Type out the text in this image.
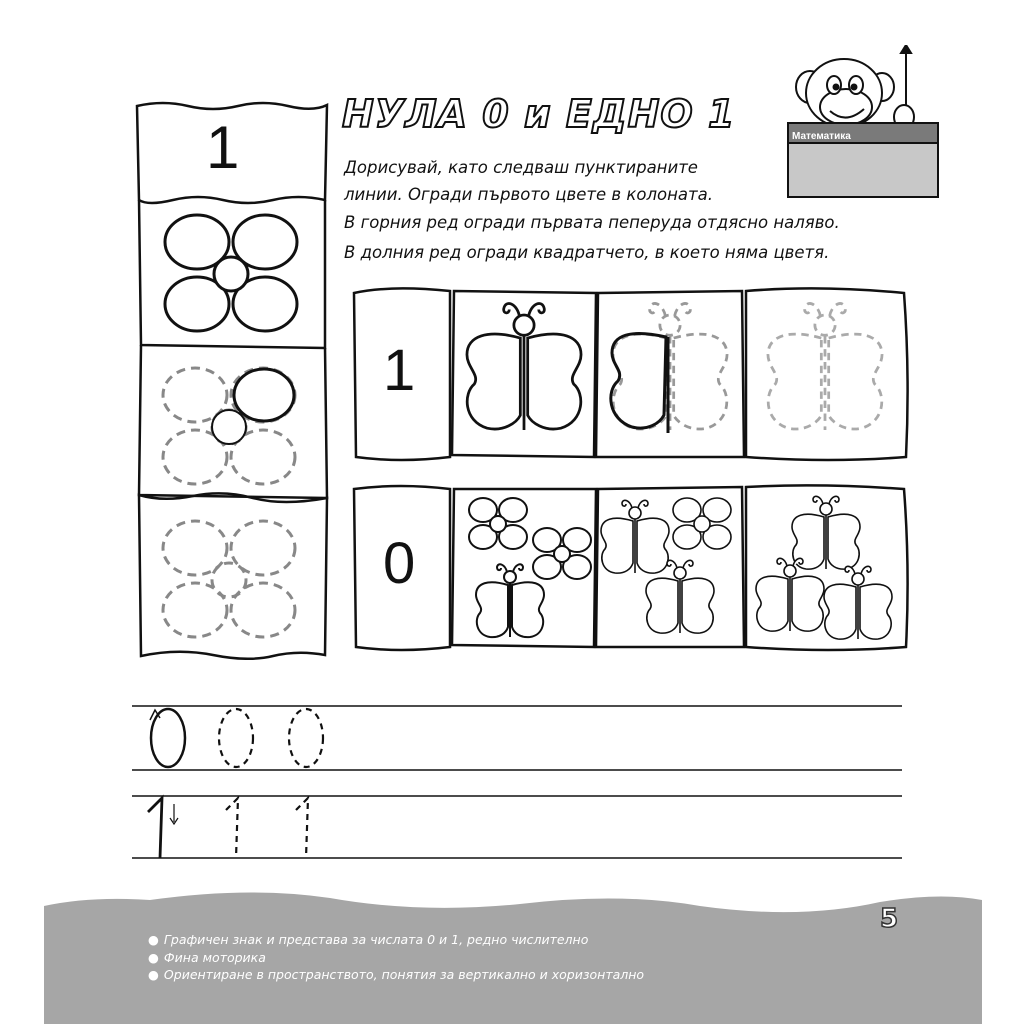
НУЛА 0 и ЕДНО 1
Математика
Дорисувай, като следваш пунктираните
линии. Огради първото цвете в колоната.
В горния ред огради първата пеперуда отдясно наляво.
В долния ред огради квадратчето, в което няма цветя.
1
1
0
5
● Графичен знак и представа за числата 0 и 1, редно числително
● Фина моторика
● Ориентиране в пространството, понятия за вертикално и хоризонтално
